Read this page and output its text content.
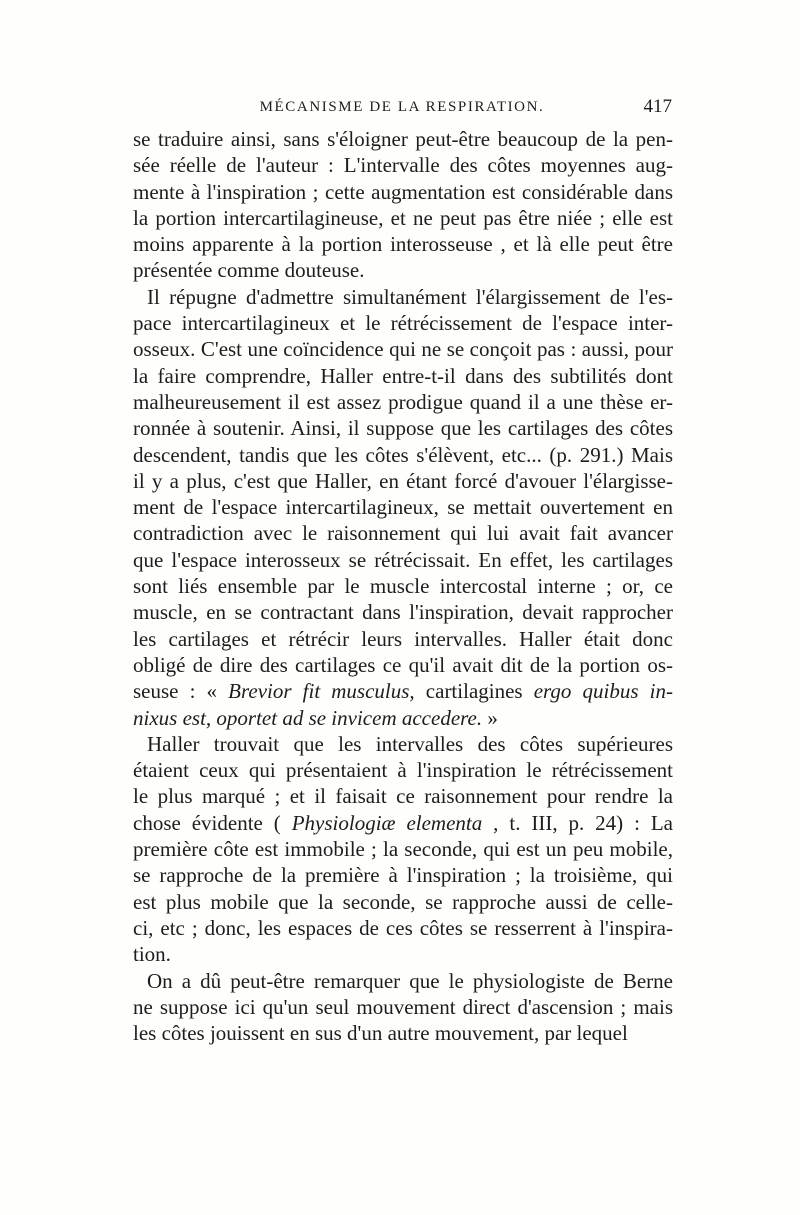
MÉCANISME DE LA RESPIRATION.	417
se traduire ainsi, sans s'éloigner peut-être beaucoup de la pen-
sée réelle de l'auteur : L'intervalle des côtes moyennes aug-
mente à l'inspiration ; cette augmentation est considérable dans
la portion intercartilagineuse, et ne peut pas être niée ; elle est
moins apparente à la portion interosseuse , et là elle peut être
présentée comme douteuse.
Il répugne d'admettre simultanément l'élargissement de l'es-
pace intercartilagineux et le rétrécissement de l'espace inter-
osseux. C'est une coïncidence qui ne se conçoit pas : aussi, pour
la faire comprendre, Haller entre-t-il dans des subtilités dont
malheureusement il est assez prodigue quand il a une thèse er-
ronnée à soutenir. Ainsi, il suppose que les cartilages des côtes
descendent, tandis que les côtes s'élèvent, etc... (p. 291.) Mais
il y a plus, c'est que Haller, en étant forcé d'avouer l'élargisse-
ment de l'espace intercartilagineux, se mettait ouvertement en
contradiction avec le raisonnement qui lui avait fait avancer
que l'espace interosseux se rétrécissait. En effet, les cartilages
sont liés ensemble par le muscle intercostal interne ; or, ce
muscle, en se contractant dans l'inspiration, devait rapprocher
les cartilages et rétrécir leurs intervalles. Haller était donc
obligé de dire des cartilages ce qu'il avait dit de la portion os-
seuse : « Brevior fit musculus, cartilagines ergo quibus in-
nixus est, oportet ad se invicem accedere. »
Haller trouvait que les intervalles des côtes supérieures
étaient ceux qui présentaient à l'inspiration le rétrécissement
le plus marqué ; et il faisait ce raisonnement pour rendre la
chose évidente ( Physiologiæ elementa , t. III, p. 24) : La
première côte est immobile ; la seconde, qui est un peu mobile,
se rapproche de la première à l'inspiration ; la troisième, qui
est plus mobile que la seconde, se rapproche aussi de celle-
ci, etc ; donc, les espaces de ces côtes se resserrent à l'inspira-
tion.
On a dû peut-être remarquer que le physiologiste de Berne
ne suppose ici qu'un seul mouvement direct d'ascension ; mais
les côtes jouissent en sus d'un autre mouvement, par lequel
